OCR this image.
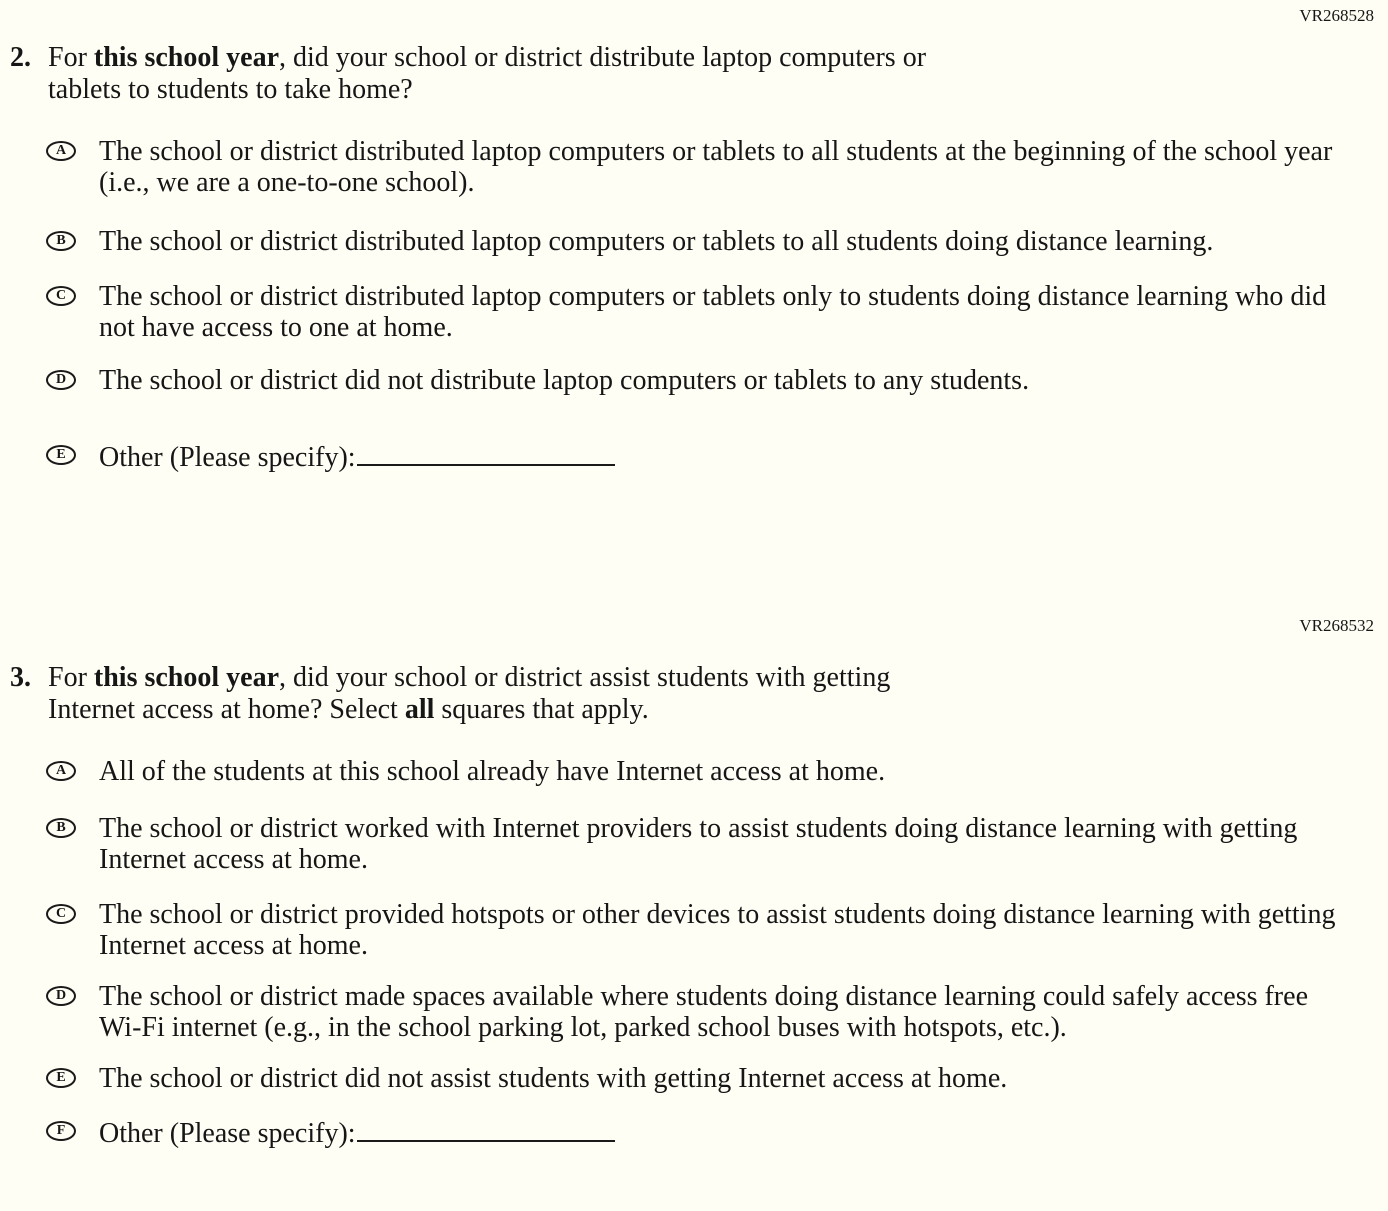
VR268528
2. For this school year, did your school or district distribute laptop computers or
tablets to students to take home?
A	The school or district distributed laptop computers or tablets to all students at the beginning of the school year (i.e., we are a one-to-one school).
B	The school or district distributed laptop computers or tablets to all students doing distance learning.
C	The school or district distributed laptop computers or tablets only to students doing distance learning who did not have access to one at home.
D	The school or district did not distribute laptop computers or tablets to any students.
E	Other (Please specify):
VR268532
3. For this school year, did your school or district assist students with getting
Internet access at home? Select all squares that apply.
A	All of the students at this school already have Internet access at home.
B	The school or district worked with Internet providers to assist students doing distance learning with getting Internet access at home.
C	The school or district provided hotspots or other devices to assist students doing distance learning with getting Internet access at home.
D	The school or district made spaces available where students doing distance learning could safely access free Wi-Fi internet (e.g., in the school parking lot, parked school buses with hotspots, etc.).
E	The school or district did not assist students with getting Internet access at home.
F	Other (Please specify):
